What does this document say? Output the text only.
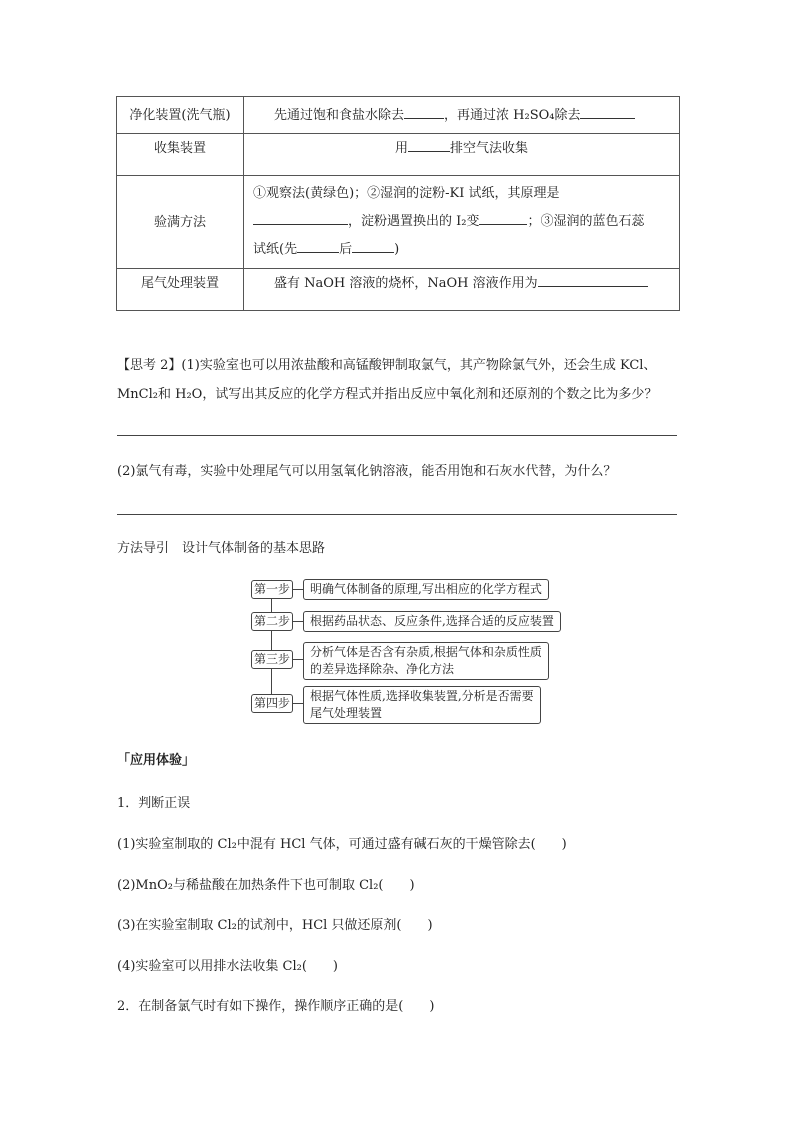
净化装置(洗气瓶)	先通过饱和食盐水除去 ，再通过浓 H₂SO₄除去
收集装置	用 排空气法收集
验满方法	①观察法(黄绿色)；②湿润的淀粉-KI 试纸，其原理是
，淀粉遇置换出的 I₂变 ；③湿润的蓝色石蕊
试纸(先 后 )

尾气处理装置	盛有 NaOH 溶液的烧杯，NaOH 溶液作用为
【思考 2】(1)实验室也可以用浓盐酸和高锰酸钾制取氯气，其产物除氯气外，还会生成 KCl、
MnCl₂和 H₂O，试写出其反应的化学方程式并指出反应中氧化剂和还原剂的个数之比为多少？
(2)氯气有毒，实验中处理尾气可以用氢氧化钠溶液，能否用饱和石灰水代替，为什么？
方法导引　设计气体制备的基本思路
第一步	明确气体制备的原理,写出相应的化学方程式
第二步	根据药品状态、反应条件,选择合适的反应装置
第三步 分析气体是否含有杂质,根据气体和杂质性质
的差异选择除杂、净化方法
第四步 根据气体性质,选择收集装置,分析是否需要
尾气处理装置
「应用体验」
1．判断正误
(1)实验室制取的 Cl₂中混有 HCl 气体，可通过盛有碱石灰的干燥管除去(　　)
(2)MnO₂与稀盐酸在加热条件下也可制取 Cl₂(　　)
(3)在实验室制取 Cl₂的试剂中，HCl 只做还原剂(　　)
(4)实验室可以用排水法收集 Cl₂(　　)
2．在制备氯气时有如下操作，操作顺序正确的是(　　)
